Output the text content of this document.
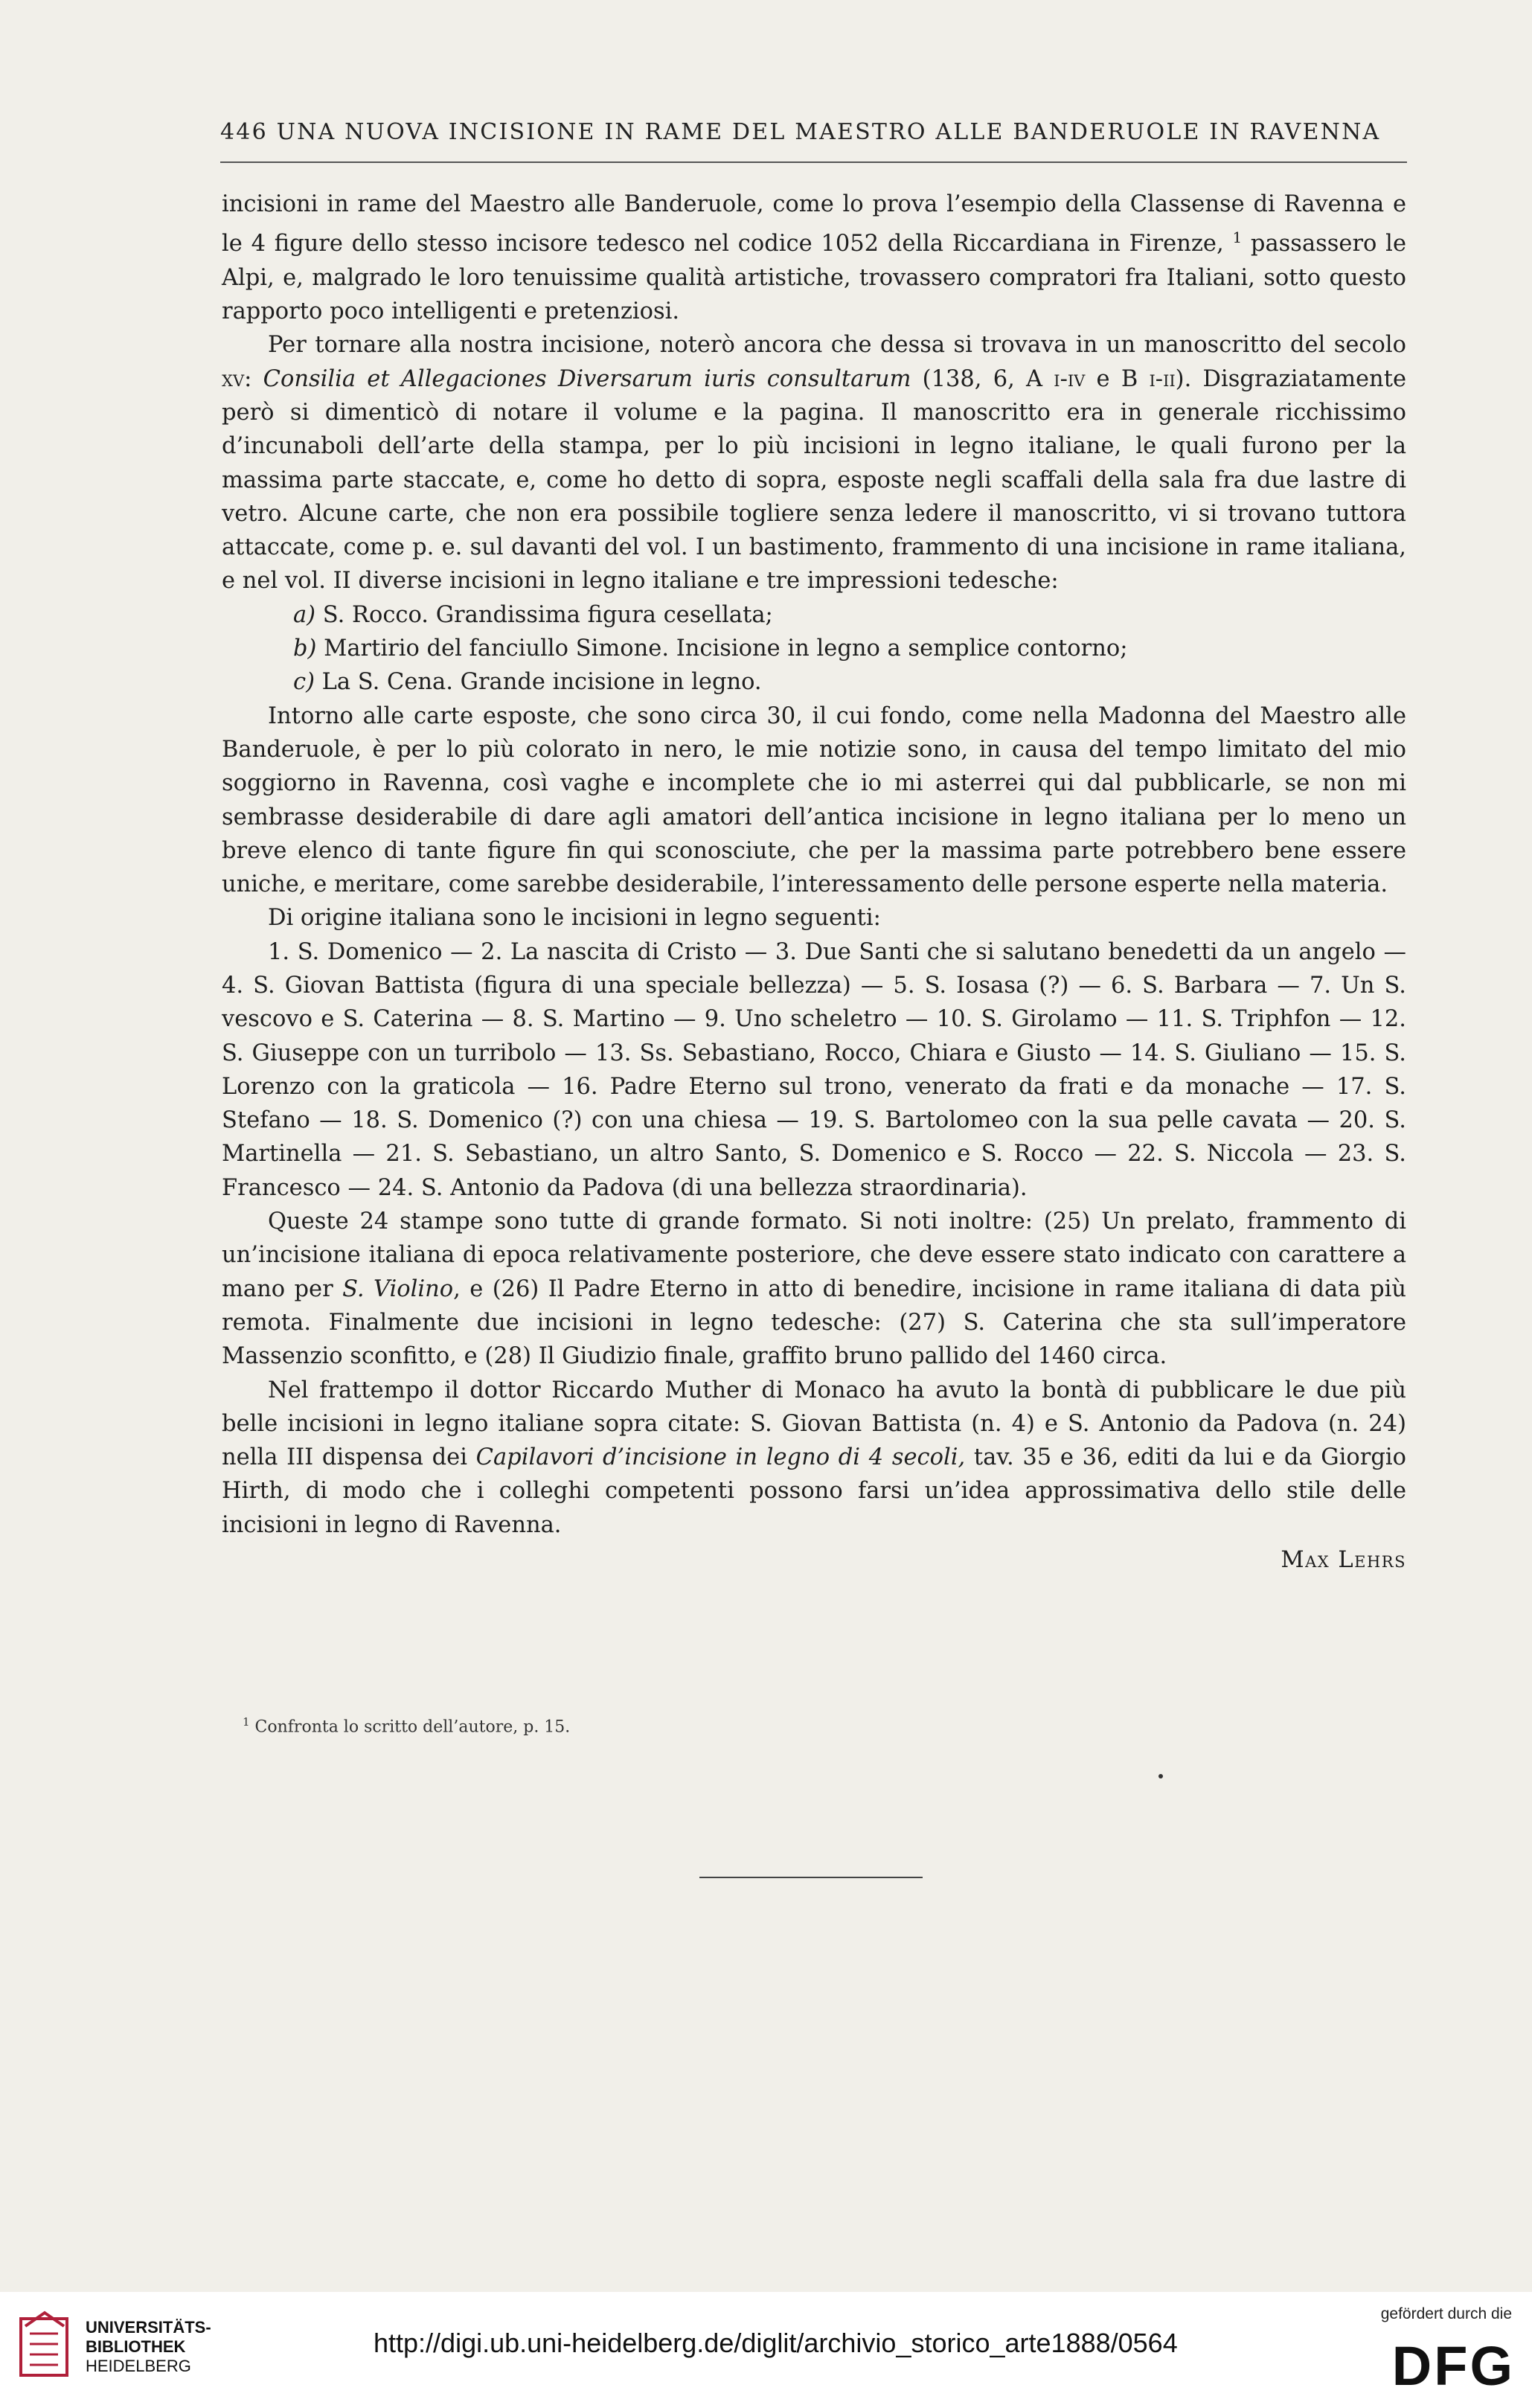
446 UNA NUOVA INCISIONE IN RAME DEL MAESTRO ALLE BANDERUOLE IN RAVENNA

incisioni in rame del Maestro alle Banderuole, come lo prova l’esempio della Classense di Ravenna e le 4 figure dello stesso incisore tedesco nel codice 1052 della Riccardiana in Firenze, $^1$ passassero le Alpi, e, malgrado le loro tenuissime qualità artistiche, trovassero compratori fra Italiani, sotto questo rapporto poco intelligenti e pretenziosi.

Per tornare alla nostra incisione, noterò ancora che dessa si trovava in un manoscritto del secolo xv: Consilia et Allegaciones Diversarum iuris consultarum (138, 6, A i-iv e B i-ii). Disgraziatamente però si dimenticò di notare il volume e la pagina. Il manoscritto era in generale ricchissimo d’incunaboli dell’arte della stampa, per lo più incisioni in legno italiane, le quali furono per la massima parte staccate, e, come ho detto di sopra, esposte negli scaffali della sala fra due lastre di vetro. Alcune carte, che non era possibile togliere senza ledere il manoscritto, vi si trovano tuttora attaccate, come p. e. sul davanti del vol. I un bastimento, frammento di una incisione in rame italiana, e nel vol. II diverse incisioni in legno italiane e tre impressioni tedesche:

a) S. Rocco. Grandissima figura cesellata;

b) Martirio del fanciullo Simone. Incisione in legno a semplice contorno;

c) La S. Cena. Grande incisione in legno.

Intorno alle carte esposte, che sono circa 30, il cui fondo, come nella Madonna del Maestro alle Banderuole, è per lo più colorato in nero, le mie notizie sono, in causa del tempo limitato del mio soggiorno in Ravenna, così vaghe e incomplete che io mi asterrei qui dal pubblicarle, se non mi sembrasse desiderabile di dare agli amatori dell’antica incisione in legno italiana per lo meno un breve elenco di tante figure fin qui sconosciute, che per la massima parte potrebbero bene essere uniche, e meritare, come sarebbe desiderabile, l’interessamento delle persone esperte nella materia.

Di origine italiana sono le incisioni in legno seguenti:

1. S. Domenico — 2. La nascita di Cristo — 3. Due Santi che si salutano benedetti da un angelo — 4. S. Giovan Battista (figura di una speciale bellezza) — 5. S. Iosasa (?) — 6. S. Barbara — 7. Un S. vescovo e S. Caterina — 8. S. Martino — 9. Uno scheletro — 10. S. Girolamo — 11. S. Triphfon — 12. S. Giuseppe con un turribolo — 13. Ss. Sebastiano, Rocco, Chiara e Giusto — 14. S. Giuliano — 15. S. Lorenzo con la graticola — 16. Padre Eterno sul trono, venerato da frati e da monache — 17. S. Stefano — 18. S. Domenico (?) con una chiesa — 19. S. Bartolomeo con la sua pelle cavata — 20. S. Martinella — 21. S. Sebastiano, un altro Santo, S. Domenico e S. Rocco — 22. S. Niccola — 23. S. Francesco — 24. S. Antonio da Padova (di una bellezza straordinaria).

Queste 24 stampe sono tutte di grande formato. Si noti inoltre: (25) Un prelato, frammento di un’incisione italiana di epoca relativamente posteriore, che deve essere stato indicato con carattere a mano per S. Violino, e (26) Il Padre Eterno in atto di benedire, incisione in rame italiana di data più remota. Finalmente due incisioni in legno tedesche: (27) S. Caterina che sta sull’imperatore Massenzio sconfitto, e (28) Il Giudizio finale, graffito bruno pallido del 1460 circa.

Nel frattempo il dottor Riccardo Muther di Monaco ha avuto la bontà di pubblicare le due più belle incisioni in legno italiane sopra citate: S. Giovan Battista (n. 4) e S. Antonio da Padova (n. 24) nella III dispensa dei Capilavori d’incisione in legno di 4 secoli, tav. 35 e 36, editi da lui e da Giorgio Hirth, di modo che i colleghi competenti possono farsi un’idea approssimativa dello stile delle incisioni in legno di Ravenna.

Max Lehrs

$^1$ Confronta lo scritto dell’autore, p. 15.
UNIVERSITÄTS-
BIBLIOTHEK
HEIDELBERG
http://digi.ub.uni-heidelberg.de/diglit/archivio_storico_arte1888/0564
gefördert durch die
DFG
